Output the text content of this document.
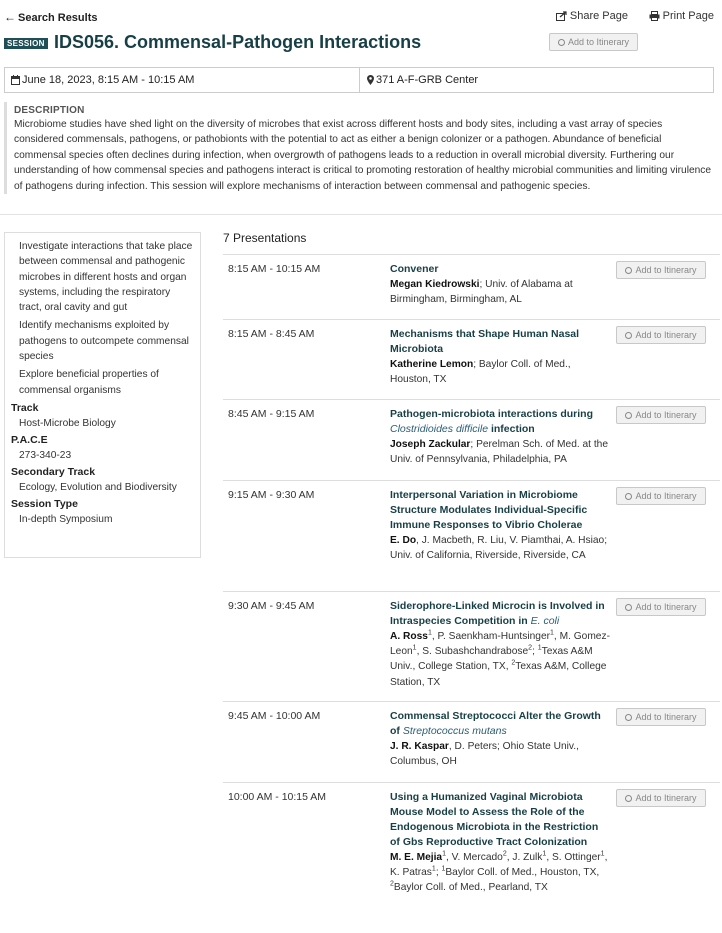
← Search Results	Share Page	Print Page
SESSION IDS056. Commensal-Pathogen Interactions	Add to Itinerary
June 18, 2023, 8:15 AM - 10:15 AM	371 A-F-GRB Center
DESCRIPTION
Microbiome studies have shed light on the diversity of microbes that exist across different hosts and body sites, including a vast array of species considered commensals, pathogens, or pathobionts with the potential to act as either a benign colonizer or a pathogen. Abundance of beneficial commensal species often declines during infection, when overgrowth of pathogens leads to a reduction in overall microbial diversity. Furthering our understanding of how commensal species and pathogens interact is critical to promoting restoration of healthy microbial communities and limiting virulence of pathogens during infection. This session will explore mechanisms of interaction between commensal and pathogenic species.
Investigate interactions that take place between commensal and pathogenic microbes in different hosts and organ systems, including the respiratory tract, oral cavity and gut
Identify mechanisms exploited by pathogens to outcompete commensal species
Explore beneficial properties of commensal organisms
Track
Host-Microbe Biology
P.A.C.E
273-340-23
Secondary Track
Ecology, Evolution and Biodiversity
Session Type
In-depth Symposium
7 Presentations
8:15 AM - 10:15 AM	Convener
Megan Kiedrowski; Univ. of Alabama at Birmingham, Birmingham, AL
Add to Itinerary
8:15 AM - 8:45 AM	Mechanisms that Shape Human Nasal Microbiota
Katherine Lemon; Baylor Coll. of Med., Houston, TX
Add to Itinerary
8:45 AM - 9:15 AM	Pathogen-microbiota interactions during Clostridioides difficile infection
Joseph Zackular; Perelman Sch. of Med. at the Univ. of Pennsylvania, Philadelphia, PA
Add to Itinerary
9:15 AM - 9:30 AM	Interpersonal Variation in Microbiome Structure Modulates Individual-Specific Immune Responses to Vibrio Cholerae
E. Do, J. Macbeth, R. Liu, V. Piamthai, A. Hsiao; Univ. of California, Riverside, Riverside, CA
Add to Itinerary
9:30 AM - 9:45 AM	Siderophore-Linked Microcin is Involved in Intraspecies Competition in E. coli
A. Ross$^1$, P. Saenkham-Huntsinger$^1$, M. Gomez-Leon$^1$, S. Subashchandrabose$^2$; $^1$Texas A&M Univ., College Station, TX, $^2$Texas A&M, College Station, TX
Add to Itinerary
9:45 AM - 10:00 AM	Commensal Streptococci Alter the Growth of Streptococcus mutans
J. R. Kaspar, D. Peters; Ohio State Univ., Columbus, OH
Add to Itinerary
10:00 AM - 10:15 AM	Using a Humanized Vaginal Microbiota Mouse Model to Assess the Role of the Endogenous Microbiota in the Restriction of Gbs Reproductive Tract Colonization
M. E. Mejia$^1$, V. Mercado$^2$, J. Zulk$^1$, S. Ottinger$^1$, K. Patras$^1$; $^1$Baylor Coll. of Med., Houston, TX, $^2$Baylor Coll. of Med., Pearland, TX
Add to Itinerary
